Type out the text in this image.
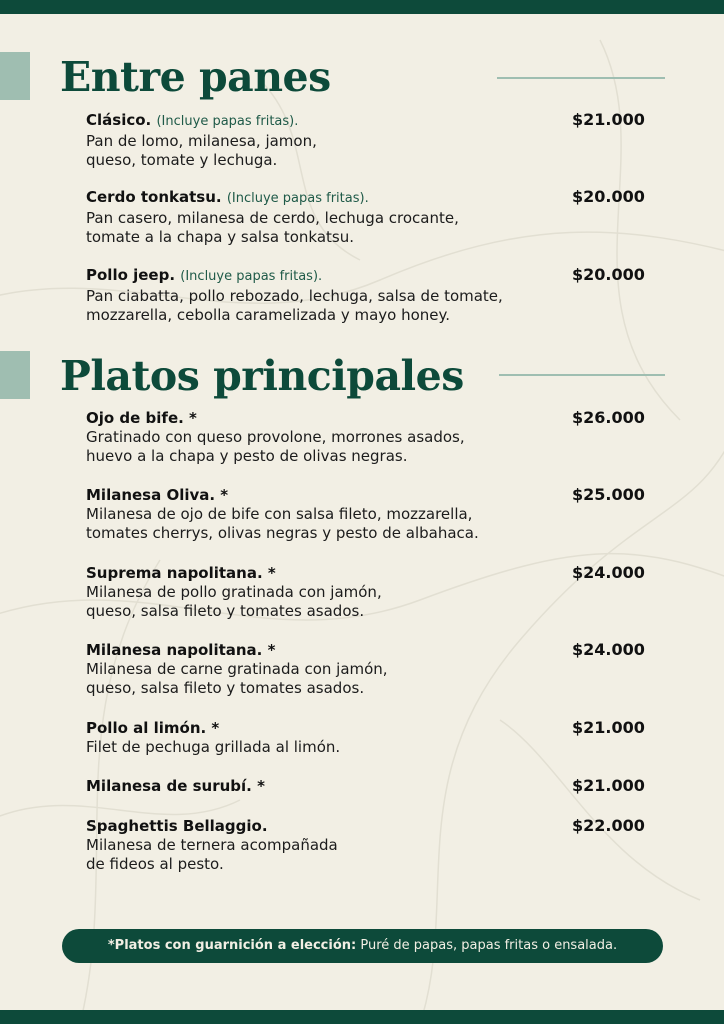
Entre panes
Clásico. (Incluye papas fritas).
Pan de lomo, milanesa, jamon,
queso, tomate y lechuga.
$21.000
Cerdo tonkatsu. (Incluye papas fritas).
Pan casero, milanesa de cerdo, lechuga crocante,
tomate a la chapa y salsa tonkatsu.
$20.000
Pollo jeep. (Incluye papas fritas).
Pan ciabatta, pollo rebozado, lechuga, salsa de tomate,
mozzarella, cebolla caramelizada y mayo honey.
$20.000
Platos principales
Ojo de bife. *
Gratinado con queso provolone, morrones asados,
huevo a la chapa y pesto de olivas negras.
$26.000
Milanesa Oliva. *
Milanesa de ojo de bife con salsa fileto, mozzarella,
tomates cherrys, olivas negras y pesto de albahaca.
$25.000
Suprema napolitana. *
Milanesa de pollo gratinada con jamón,
queso, salsa fileto y tomates asados.
$24.000
Milanesa napolitana. *
Milanesa de carne gratinada con jamón,
queso, salsa fileto y tomates asados.
$24.000
Pollo al limón. *
Filet de pechuga grillada al limón.
$21.000
Milanesa de surubí. *	$21.000
Spaghettis Bellaggio.
Milanesa de ternera acompañada
de fideos al pesto.
$22.000
*Platos con guarnición a elección: Puré de papas, papas fritas o ensalada.
